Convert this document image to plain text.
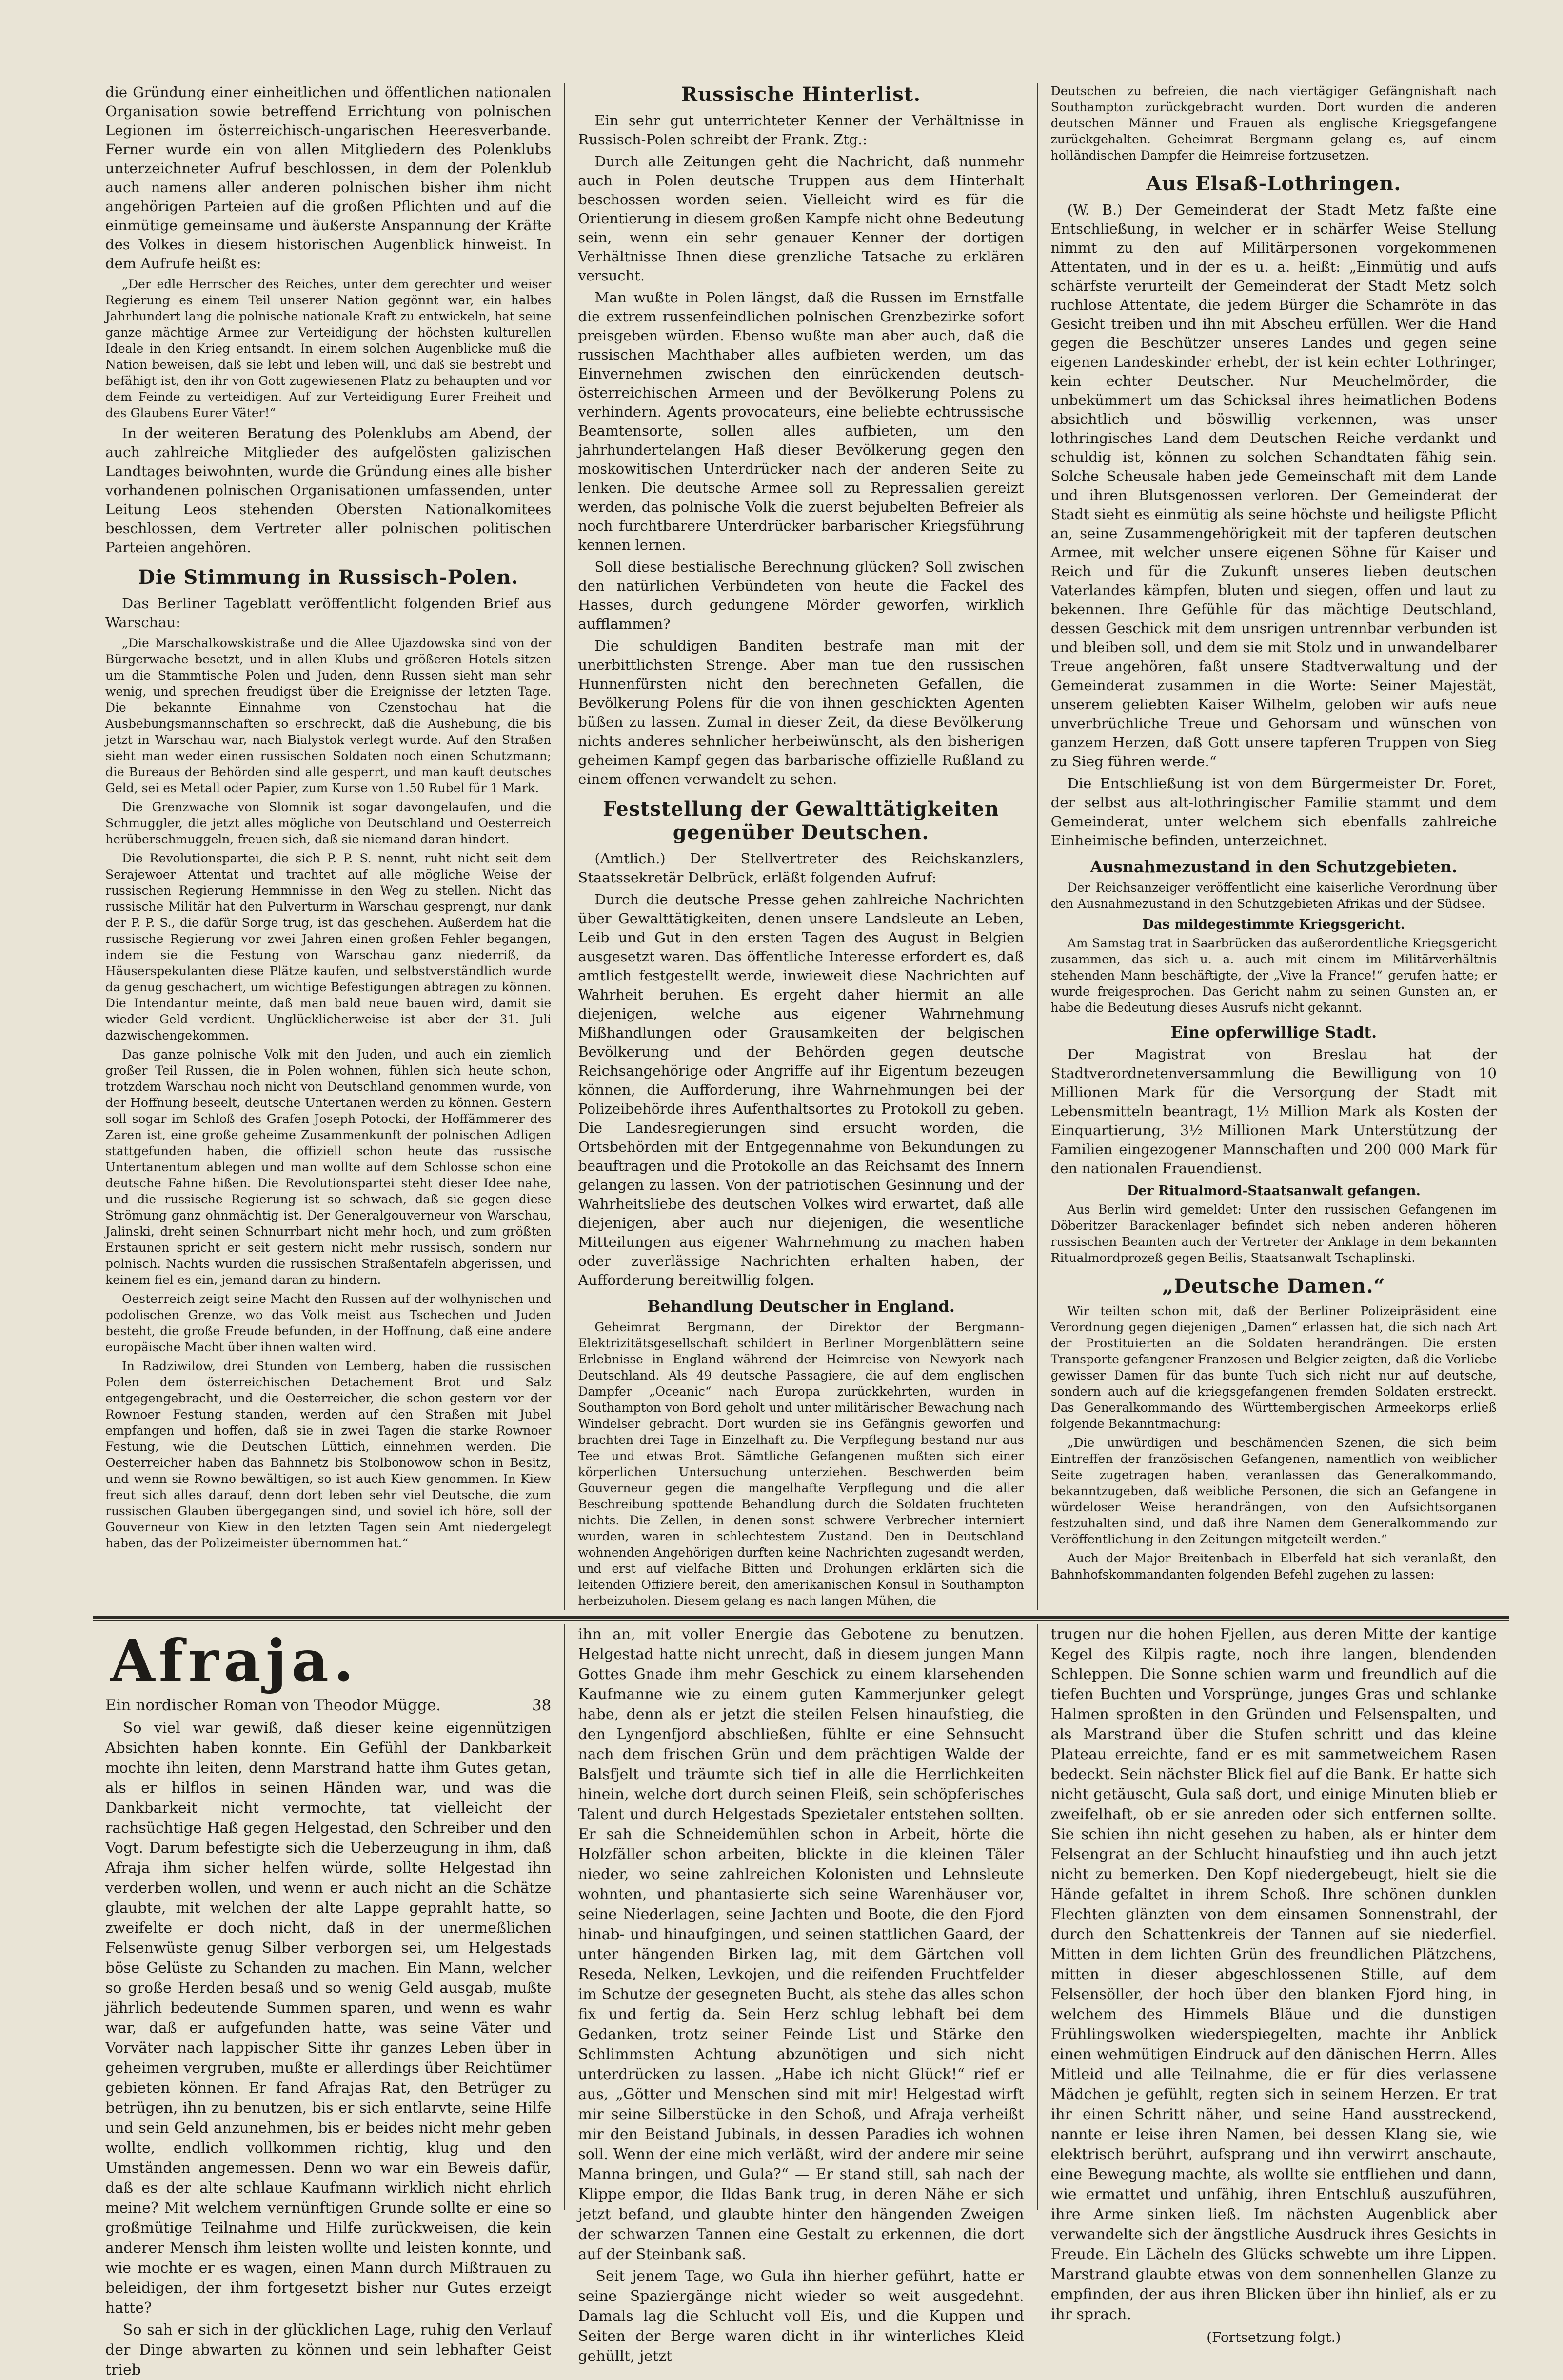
die Gründung einer einheitlichen und öffentlichen nationalen Organisation sowie betreffend Errichtung von polnischen Legionen im österreichisch-ungarischen Heeresverbande. Ferner wurde ein von allen Mitgliedern des Polenklubs unterzeichneter Aufruf beschlossen, in dem der Polenklub auch namens aller anderen polnischen bisher ihm nicht angehörigen Parteien auf die großen Pflichten und auf die einmütige gemeinsame und äußerste Anspannung der Kräfte des Volkes in diesem historischen Augenblick hinweist. In dem Aufrufe heißt es:

„Der edle Herrscher des Reiches, unter dem gerechter und weiser Regierung es einem Teil unserer Nation gegönnt war, ein halbes Jahrhundert lang die polnische nationale Kraft zu entwickeln, hat seine ganze mächtige Armee zur Verteidigung der höchsten kulturellen Ideale in den Krieg entsandt. In einem solchen Augenblicke muß die Nation beweisen, daß sie lebt und leben will, und daß sie bestrebt und befähigt ist, den ihr von Gott zugewiesenen Platz zu behaupten und vor dem Feinde zu verteidigen. Auf zur Verteidigung Eurer Freiheit und des Glaubens Eurer Väter!“

In der weiteren Beratung des Polenklubs am Abend, der auch zahlreiche Mitglieder des aufgelösten galizischen Landtages beiwohnten, wurde die Gründung eines alle bisher vorhandenen polnischen Organisationen umfassenden, unter Leitung Leos stehenden Obersten Nationalkomitees beschlossen, dem Vertreter aller polnischen politischen Parteien angehören.

Die Stimmung in Russisch-Polen.

Das Berliner Tageblatt veröffentlicht folgenden Brief aus Warschau:

„Die Marschalkowskistraße und die Allee Ujazdowska sind von der Bürgerwache besetzt, und in allen Klubs und größeren Hotels sitzen um die Stammtische Polen und Juden, denn Russen sieht man sehr wenig, und sprechen freudigst über die Ereignisse der letzten Tage. Die bekannte Einnahme von Czenstochau hat die Ausbebungsmannschaften so erschreckt, daß die Aushebung, die bis jetzt in Warschau war, nach Bialystok verlegt wurde. Auf den Straßen sieht man weder einen russischen Soldaten noch einen Schutzmann; die Bureaus der Behörden sind alle gesperrt, und man kauft deutsches Geld, sei es Metall oder Papier, zum Kurse von 1.50 Rubel für 1 Mark.

Die Grenzwache von Slomnik ist sogar davongelaufen, und die Schmuggler, die jetzt alles mögliche von Deutschland und Oesterreich herüberschmuggeln, freuen sich, daß sie niemand daran hindert.

Die Revolutionspartei, die sich P. P. S. nennt, ruht nicht seit dem Serajewoer Attentat und trachtet auf alle mögliche Weise der russischen Regierung Hemmnisse in den Weg zu stellen. Nicht das russische Militär hat den Pulverturm in Warschau gesprengt, nur dank der P. P. S., die dafür Sorge trug, ist das geschehen. Außerdem hat die russische Regierung vor zwei Jahren einen großen Fehler begangen, indem sie die Festung von Warschau ganz niederriß, da Häuserspekulanten diese Plätze kaufen, und selbstverständlich wurde da genug geschachert, um wichtige Befestigungen abtragen zu können. Die Intendantur meinte, daß man bald neue bauen wird, damit sie wieder Geld verdient. Unglücklicherweise ist aber der 31. Juli dazwischengekommen.

Das ganze polnische Volk mit den Juden, und auch ein ziemlich großer Teil Russen, die in Polen wohnen, fühlen sich heute schon, trotzdem Warschau noch nicht von Deutschland genommen wurde, von der Hoffnung beseelt, deutsche Untertanen werden zu können. Gestern soll sogar im Schloß des Grafen Joseph Potocki, der Hoffämmerer des Zaren ist, eine große geheime Zusammenkunft der polnischen Adligen stattgefunden haben, die offiziell schon heute das russische Untertanentum ablegen und man wollte auf dem Schlosse schon eine deutsche Fahne hißen. Die Revolutionspartei steht dieser Idee nahe, und die russische Regierung ist so schwach, daß sie gegen diese Strömung ganz ohnmächtig ist. Der Generalgouverneur von Warschau, Jalinski, dreht seinen Schnurrbart nicht mehr hoch, und zum größten Erstaunen spricht er seit gestern nicht mehr russisch, sondern nur polnisch. Nachts wurden die russischen Straßentafeln abgerissen, und keinem fiel es ein, jemand daran zu hindern.

Oesterreich zeigt seine Macht den Russen auf der wolhynischen und podolischen Grenze, wo das Volk meist aus Tschechen und Juden besteht, die große Freude befunden, in der Hoffnung, daß eine andere europäische Macht über ihnen walten wird.

In Radziwilow, drei Stunden von Lemberg, haben die russischen Polen dem österreichischen Detachement Brot und Salz entgegengebracht, und die Oesterreicher, die schon gestern vor der Rownoer Festung standen, werden auf den Straßen mit Jubel empfangen und hoffen, daß sie in zwei Tagen die starke Rownoer Festung, wie die Deutschen Lüttich, einnehmen werden. Die Oesterreicher haben das Bahnnetz bis Stolbonowow schon in Besitz, und wenn sie Rowno bewältigen, so ist auch Kiew genommen. In Kiew freut sich alles darauf, denn dort leben sehr viel Deutsche, die zum russischen Glauben übergegangen sind, und soviel ich höre, soll der Gouverneur von Kiew in den letzten Tagen sein Amt niedergelegt haben, das der Polizeimeister übernommen hat.“

Russische Hinterlist.

Ein sehr gut unterrichteter Kenner der Verhältnisse in Russisch-Polen schreibt der Frank. Ztg.:

Durch alle Zeitungen geht die Nachricht, daß nunmehr auch in Polen deutsche Truppen aus dem Hinterhalt beschossen worden seien. Vielleicht wird es für die Orientierung in diesem großen Kampfe nicht ohne Bedeutung sein, wenn ein sehr genauer Kenner der dortigen Verhältnisse Ihnen diese grenzliche Tatsache zu erklären versucht.

Man wußte in Polen längst, daß die Russen im Ernstfalle die extrem russenfeindlichen polnischen Grenzbezirke sofort preisgeben würden. Ebenso wußte man aber auch, daß die russischen Machthaber alles aufbieten werden, um das Einvernehmen zwischen den einrückenden deutsch-österreichischen Armeen und der Bevölkerung Polens zu verhindern. Agents provocateurs, eine beliebte echtrussische Beamtensorte, sollen alles aufbieten, um den jahrhundertelangen Haß dieser Bevölkerung gegen den moskowitischen Unterdrücker nach der anderen Seite zu lenken. Die deutsche Armee soll zu Repressalien gereizt werden, das polnische Volk die zuerst bejubelten Befreier als noch furchtbarere Unterdrücker barbarischer Kriegsführung kennen lernen.

Soll diese bestialische Berechnung glücken? Soll zwischen den natürlichen Verbündeten von heute die Fackel des Hasses, durch gedungene Mörder geworfen, wirklich aufflammen?

Die schuldigen Banditen bestrafe man mit der unerbittlichsten Strenge. Aber man tue den russischen Hunnenfürsten nicht den berechneten Gefallen, die Bevölkerung Polens für die von ihnen geschickten Agenten büßen zu lassen. Zumal in dieser Zeit, da diese Bevölkerung nichts anderes sehnlicher herbeiwünscht, als den bisherigen geheimen Kampf gegen das barbarische offizielle Rußland zu einem offenen verwandelt zu sehen.

Feststellung der Gewalttätigkeiten gegenüber Deutschen.

(Amtlich.) Der Stellvertreter des Reichskanzlers, Staatssekretär Delbrück, erläßt folgenden Aufruf:

Durch die deutsche Presse gehen zahlreiche Nachrichten über Gewalttätigkeiten, denen unsere Landsleute an Leben, Leib und Gut in den ersten Tagen des August in Belgien ausgesetzt waren. Das öffentliche Interesse erfordert es, daß amtlich festgestellt werde, inwieweit diese Nachrichten auf Wahrheit beruhen. Es ergeht daher hiermit an alle diejenigen, welche aus eigener Wahrnehmung Mißhandlungen oder Grausamkeiten der belgischen Bevölkerung und der Behörden gegen deutsche Reichsangehörige oder Angriffe auf ihr Eigentum bezeugen können, die Aufforderung, ihre Wahrnehmungen bei der Polizeibehörde ihres Aufenthaltsortes zu Protokoll zu geben. Die Landesregierungen sind ersucht worden, die Ortsbehörden mit der Entgegennahme von Bekundungen zu beauftragen und die Protokolle an das Reichsamt des Innern gelangen zu lassen. Von der patriotischen Gesinnung und der Wahrheitsliebe des deutschen Volkes wird erwartet, daß alle diejenigen, aber auch nur diejenigen, die wesentliche Mitteilungen aus eigener Wahrnehmung zu machen haben oder zuverlässige Nachrichten erhalten haben, der Aufforderung bereitwillig folgen.

Behandlung Deutscher in England.

Geheimrat Bergmann, der Direktor der Bergmann-Elektrizitätsgesellschaft schildert in Berliner Morgenblättern seine Erlebnisse in England während der Heimreise von Newyork nach Deutschland. Als 49 deutsche Passagiere, die auf dem englischen Dampfer „Oceanic“ nach Europa zurückkehrten, wurden in Southampton von Bord geholt und unter militärischer Bewachung nach Windelser gebracht. Dort wurden sie ins Gefängnis geworfen und brachten drei Tage in Einzelhaft zu. Die Verpflegung bestand nur aus Tee und etwas Brot. Sämtliche Gefangenen mußten sich einer körperlichen Untersuchung unterziehen. Beschwerden beim Gouverneur gegen die mangelhafte Verpflegung und die aller Beschreibung spottende Behandlung durch die Soldaten fruchteten nichts. Die Zellen, in denen sonst schwere Verbrecher interniert wurden, waren in schlechtestem Zustand. Den in Deutschland wohnenden Angehörigen durften keine Nachrichten zugesandt werden, und erst auf vielfache Bitten und Drohungen erklärten sich die leitenden Offiziere bereit, den amerikanischen Konsul in Southampton herbeizuholen. Diesem gelang es nach langen Mühen, die

Deutschen zu befreien, die nach viertägiger Gefängnishaft nach Southampton zurückgebracht wurden. Dort wurden die anderen deutschen Männer und Frauen als englische Kriegsgefangene zurückgehalten. Geheimrat Bergmann gelang es, auf einem holländischen Dampfer die Heimreise fortzusetzen.

Aus Elsaß-Lothringen.

(W. B.) Der Gemeinderat der Stadt Metz faßte eine Entschließung, in welcher er in schärfer Weise Stellung nimmt zu den auf Militärpersonen vorgekommenen Attentaten, und in der es u. a. heißt: „Einmütig und aufs schärfste verurteilt der Gemeinderat der Stadt Metz solch ruchlose Attentate, die jedem Bürger die Schamröte in das Gesicht treiben und ihn mit Abscheu erfüllen. Wer die Hand gegen die Beschützer unseres Landes und gegen seine eigenen Landeskinder erhebt, der ist kein echter Lothringer, kein echter Deutscher. Nur Meuchelmörder, die unbekümmert um das Schicksal ihres heimatlichen Bodens absichtlich und böswillig verkennen, was unser lothringisches Land dem Deutschen Reiche verdankt und schuldig ist, können zu solchen Schandtaten fähig sein. Solche Scheusale haben jede Gemeinschaft mit dem Lande und ihren Blutsgenossen verloren. Der Gemeinderat der Stadt sieht es einmütig als seine höchste und heiligste Pflicht an, seine Zusammengehörigkeit mit der tapferen deutschen Armee, mit welcher unsere eigenen Söhne für Kaiser und Reich und für die Zukunft unseres lieben deutschen Vaterlandes kämpfen, bluten und siegen, offen und laut zu bekennen. Ihre Gefühle für das mächtige Deutschland, dessen Geschick mit dem unsrigen untrennbar verbunden ist und bleiben soll, und dem sie mit Stolz und in unwandelbarer Treue angehören, faßt unsere Stadtverwaltung und der Gemeinderat zusammen in die Worte: Seiner Majestät, unserem geliebten Kaiser Wilhelm, geloben wir aufs neue unverbrüchliche Treue und Gehorsam und wünschen von ganzem Herzen, daß Gott unsere tapferen Truppen von Sieg zu Sieg führen werde.“

Die Entschließung ist von dem Bürgermeister Dr. Foret, der selbst aus alt-lothringischer Familie stammt und dem Gemeinderat, unter welchem sich ebenfalls zahlreiche Einheimische befinden, unterzeichnet.

Ausnahmezustand in den Schutzgebieten.

Der Reichsanzeiger veröffentlicht eine kaiserliche Verordnung über den Ausnahmezustand in den Schutzgebieten Afrikas und der Südsee.

Das mildegestimmte Kriegsgericht.

Am Samstag trat in Saarbrücken das außerordentliche Kriegsgericht zusammen, das sich u. a. auch mit einem im Militärverhältnis stehenden Mann beschäftigte, der „Vive la France!“ gerufen hatte; er wurde freigesprochen. Das Gericht nahm zu seinen Gunsten an, er habe die Bedeutung dieses Ausrufs nicht gekannt.

Eine opferwillige Stadt.

Der Magistrat von Breslau hat der Stadtverordnetenversammlung die Bewilligung von 10 Millionen Mark für die Versorgung der Stadt mit Lebensmitteln beantragt, 1½ Million Mark als Kosten der Einquartierung, 3½ Millionen Mark Unterstützung der Familien eingezogener Mannschaften und 200 000 Mark für den nationalen Frauendienst.

Der Ritualmord-Staatsanwalt gefangen.

Aus Berlin wird gemeldet: Unter den russischen Gefangenen im Döberitzer Barackenlager befindet sich neben anderen höheren russischen Beamten auch der Vertreter der Anklage in dem bekannten Ritualmordprozeß gegen Beilis, Staatsanwalt Tschaplinski.

„Deutsche Damen.“

Wir teilten schon mit, daß der Berliner Polizeipräsident eine Verordnung gegen diejenigen „Damen“ erlassen hat, die sich nach Art der Prostituierten an die Soldaten herandrängen. Die ersten Transporte gefangener Franzosen und Belgier zeigten, daß die Vorliebe gewisser Damen für das bunte Tuch sich nicht nur auf deutsche, sondern auch auf die kriegsgefangenen fremden Soldaten erstreckt. Das Generalkommando des Württembergischen Armeekorps erließ folgende Bekanntmachung:

„Die unwürdigen und beschämenden Szenen, die sich beim Eintreffen der französischen Gefangenen, namentlich von weiblicher Seite zugetragen haben, veranlassen das Generalkommando, bekanntzugeben, daß weibliche Personen, die sich an Gefangene in würdeloser Weise herandrängen, von den Aufsichtsorganen festzuhalten sind, und daß ihre Namen dem Generalkommando zur Veröffentlichung in den Zeitungen mitgeteilt werden.“

Auch der Major Breitenbach in Elberfeld hat sich veranlaßt, den Bahnhofskommandanten folgenden Befehl zugehen zu lassen:

Afraja.
Ein nordischer Roman von Theodor Mügge.	38

So viel war gewiß, daß dieser keine eigennützigen Absichten haben konnte. Ein Gefühl der Dankbarkeit mochte ihn leiten, denn Marstrand hatte ihm Gutes getan, als er hilflos in seinen Händen war, und was die Dankbarkeit nicht vermochte, tat vielleicht der rachsüchtige Haß gegen Helgestad, den Schreiber und den Vogt. Darum befestigte sich die Ueberzeugung in ihm, daß Afraja ihm sicher helfen würde, sollte Helgestad ihn verderben wollen, und wenn er auch nicht an die Schätze glaubte, mit welchen der alte Lappe geprahlt hatte, so zweifelte er doch nicht, daß in der unermeßlichen Felsenwüste genug Silber verborgen sei, um Helgestads böse Gelüste zu Schanden zu machen. Ein Mann, welcher so große Herden besaß und so wenig Geld ausgab, mußte jährlich bedeutende Summen sparen, und wenn es wahr war, daß er aufgefunden hatte, was seine Väter und Vorväter nach lappischer Sitte ihr ganzes Leben über in geheimen vergruben, mußte er allerdings über Reichtümer gebieten können. Er fand Afrajas Rat, den Betrüger zu betrügen, ihn zu benutzen, bis er sich entlarvte, seine Hilfe und sein Geld anzunehmen, bis er beides nicht mehr geben wollte, endlich vollkommen richtig, klug und den Umständen angemessen. Denn wo war ein Beweis dafür, daß es der alte schlaue Kaufmann wirklich nicht ehrlich meine? Mit welchem vernünftigen Grunde sollte er eine so großmütige Teilnahme und Hilfe zurückweisen, die kein anderer Mensch ihm leisten wollte und leisten konnte, und wie mochte er es wagen, einen Mann durch Mißtrauen zu beleidigen, der ihm fortgesetzt bisher nur Gutes erzeigt hatte?

So sah er sich in der glücklichen Lage, ruhig den Verlauf der Dinge abwarten zu können und sein lebhafter Geist trieb

ihn an, mit voller Energie das Gebotene zu benutzen. Helgestad hatte nicht unrecht, daß in diesem jungen Mann Gottes Gnade ihm mehr Geschick zu einem klarsehenden Kaufmanne wie zu einem guten Kammerjunker gelegt habe, denn als er jetzt die steilen Felsen hinaufstieg, die den Lyngenfjord abschließen, fühlte er eine Sehnsucht nach dem frischen Grün und dem prächtigen Walde der Balsfjelt und träumte sich tief in alle die Herrlichkeiten hinein, welche dort durch seinen Fleiß, sein schöpferisches Talent und durch Helgestads Spezietaler entstehen sollten. Er sah die Schneidemühlen schon in Arbeit, hörte die Holzfäller schon arbeiten, blickte in die kleinen Täler nieder, wo seine zahlreichen Kolonisten und Lehnsleute wohnten, und phantasierte sich seine Warenhäuser vor, seine Niederlagen, seine Jachten und Boote, die den Fjord hinab- und hinaufgingen, und seinen stattlichen Gaard, der unter hängenden Birken lag, mit dem Gärtchen voll Reseda, Nelken, Levkojen, und die reifenden Fruchtfelder im Schutze der gesegneten Bucht, als stehe das alles schon fix und fertig da. Sein Herz schlug lebhaft bei dem Gedanken, trotz seiner Feinde List und Stärke den Schlimmsten Achtung abzunötigen und sich nicht unterdrücken zu lassen. „Habe ich nicht Glück!“ rief er aus, „Götter und Menschen sind mit mir! Helgestad wirft mir seine Silberstücke in den Schoß, und Afraja verheißt mir den Beistand Jubinals, in dessen Paradies ich wohnen soll. Wenn der eine mich verläßt, wird der andere mir seine Manna bringen, und Gula?“ — Er stand still, sah nach der Klippe empor, die Ildas Bank trug, in deren Nähe er sich jetzt befand, und glaubte hinter den hängenden Zweigen der schwarzen Tannen eine Gestalt zu erkennen, die dort auf der Steinbank saß.

Seit jenem Tage, wo Gula ihn hierher geführt, hatte er seine Spaziergänge nicht wieder so weit ausgedehnt. Damals lag die Schlucht voll Eis, und die Kuppen und Seiten der Berge waren dicht in ihr winterliches Kleid gehüllt, jetzt

trugen nur die hohen Fjellen, aus deren Mitte der kantige Kegel des Kilpis ragte, noch ihre langen, blendenden Schleppen. Die Sonne schien warm und freundlich auf die tiefen Buchten und Vorsprünge, junges Gras und schlanke Halmen sproßten in den Gründen und Felsenspalten, und als Marstrand über die Stufen schritt und das kleine Plateau erreichte, fand er es mit sammetweichem Rasen bedeckt. Sein nächster Blick fiel auf die Bank. Er hatte sich nicht getäuscht, Gula saß dort, und einige Minuten blieb er zweifelhaft, ob er sie anreden oder sich entfernen sollte. Sie schien ihn nicht gesehen zu haben, als er hinter dem Felsengrat an der Schlucht hinaufstieg und ihn auch jetzt nicht zu bemerken. Den Kopf niedergebeugt, hielt sie die Hände gefaltet in ihrem Schoß. Ihre schönen dunklen Flechten glänzten von dem einsamen Sonnenstrahl, der durch den Schattenkreis der Tannen auf sie niederfiel. Mitten in dem lichten Grün des freundlichen Plätzchens, mitten in dieser abgeschlossenen Stille, auf dem Felsensöller, der hoch über den blanken Fjord hing, in welchem des Himmels Bläue und die dunstigen Frühlingswolken wiederspiegelten, machte ihr Anblick einen wehmütigen Eindruck auf den dänischen Herrn. Alles Mitleid und alle Teilnahme, die er für dies verlassene Mädchen je gefühlt, regten sich in seinem Herzen. Er trat ihr einen Schritt näher, und seine Hand ausstreckend, nannte er leise ihren Namen, bei dessen Klang sie, wie elektrisch berührt, aufsprang und ihn verwirrt anschaute, eine Bewegung machte, als wollte sie entfliehen und dann, wie ermattet und unfähig, ihren Entschluß auszuführen, ihre Arme sinken ließ. Im nächsten Augenblick aber verwandelte sich der ängstliche Ausdruck ihres Gesichts in Freude. Ein Lächeln des Glücks schwebte um ihre Lippen. Marstrand glaubte etwas von dem sonnenhellen Glanze zu empfinden, der aus ihren Blicken über ihn hinlief, als er zu ihr sprach.

(Fortsetzung folgt.)
